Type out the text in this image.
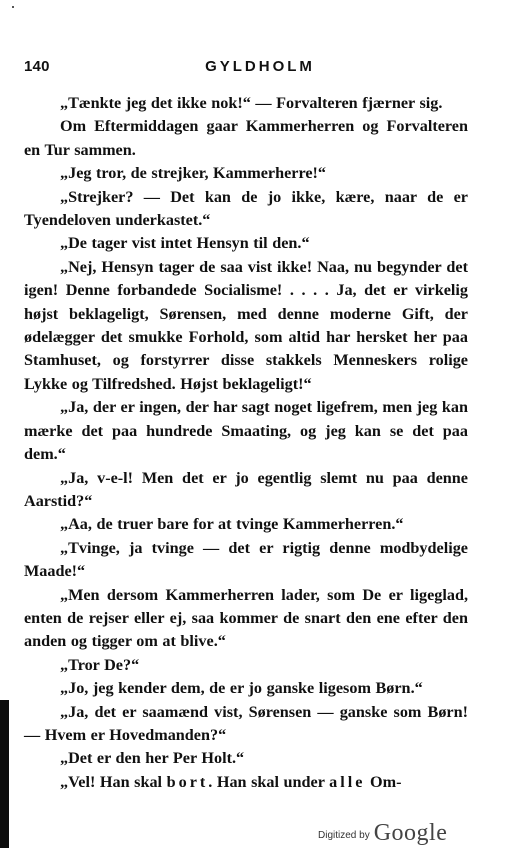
140	GYLDHOLM

„Tænkte jeg det ikke nok!“ — Forvalteren fjærner sig.

Om Eftermiddagen gaar Kammerherren og Forvalteren en Tur sammen.

„Jeg tror, de strejker, Kammerherre!“

„Strejker? — Det kan de jo ikke, kære, naar de er Tyendeloven underkastet.“

„De tager vist intet Hensyn til den.“

„Nej, Hensyn tager de saa vist ikke! Naa, nu begynder det igen! Denne forbandede Socialisme! . . . . Ja, det er virkelig højst beklageligt, Sørensen, med denne moderne Gift, der ødelægger det smukke Forhold, som altid har hersket her paa Stamhuset, og forstyrrer disse stakkels Menneskers rolige Lykke og Tilfredshed. Højst beklageligt!“

„Ja, der er ingen, der har sagt noget ligefrem, men jeg kan mærke det paa hundrede Smaating, og jeg kan se det paa dem.“

„Ja, v-e-l! Men det er jo egentlig slemt nu paa denne Aarstid?“

„Aa, de truer bare for at tvinge Kammerherren.“

„Tvinge, ja tvinge — det er rigtig denne modbydelige Maade!“

„Men dersom Kammerherren lader, som De er ligeglad, enten de rejser eller ej, saa kommer de snart den ene efter den anden og tigger om at blive.“

„Tror De?“

„Jo, jeg kender dem, de er jo ganske ligesom Børn.“

„Ja, det er saamænd vist, Sørensen — ganske som Børn! — Hvem er Hovedmanden?“

„Det er den her Per Holt.“

„Vel! Han skal bort. Han skal under alle Om-

Digitized by Google
